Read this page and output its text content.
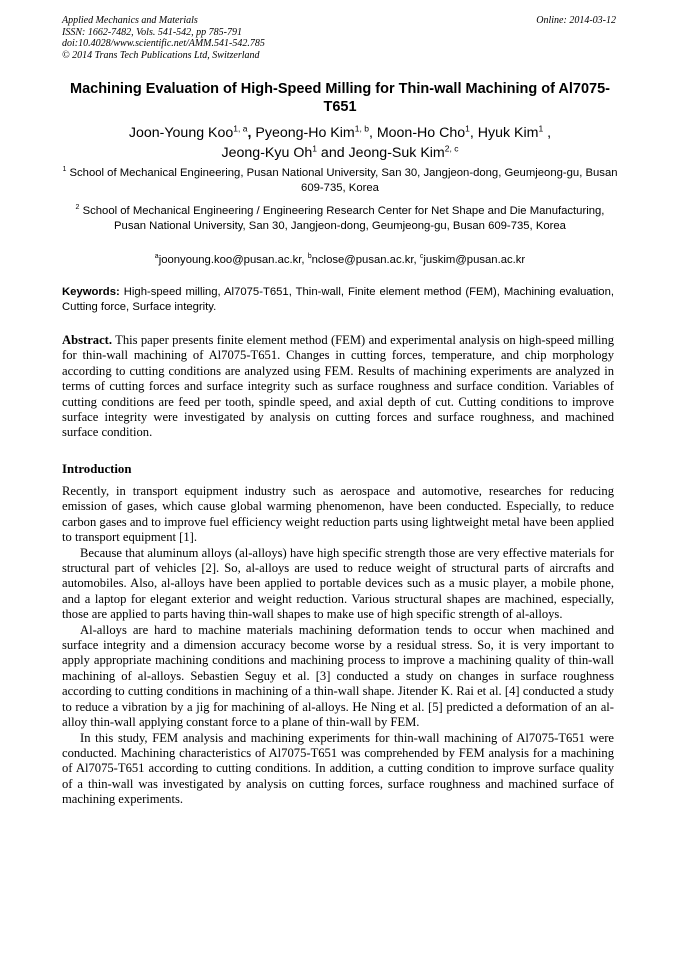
Applied Mechanics and Materials
ISSN: 1662-7482, Vols. 541-542, pp 785-791
doi:10.4028/www.scientific.net/AMM.541-542.785
© 2014 Trans Tech Publications Ltd, Switzerland
Online: 2014-03-12
Machining Evaluation of High-Speed Milling for Thin-wall Machining of Al7075-T651
Joon-Young Koo$^{1, a}$, Pyeong-Ho Kim$^{1, b}$, Moon-Ho Cho$^1$, Hyuk Kim$^1$ ,
Jeong-Kyu Oh$^1$ and Jeong-Suk Kim$^{2, c}$
$^1$ School of Mechanical Engineering, Pusan National University, San 30, Jangjeon-dong, Geumjeong-gu, Busan 609-735, Korea
$^2$ School of Mechanical Engineering / Engineering Research Center for Net Shape and Die Manufacturing, Pusan National University, San 30, Jangjeon-dong, Geumjeong-gu, Busan 609-735, Korea
$^a$joonyoung.koo@pusan.ac.kr, $^b$nclose@pusan.ac.kr, $^c$juskim@pusan.ac.kr
Keywords: High-speed milling, Al7075-T651, Thin-wall, Finite element method (FEM), Machining evaluation, Cutting force, Surface integrity.
Abstract. This paper presents finite element method (FEM) and experimental analysis on high-speed milling for thin-wall machining of Al7075-T651. Changes in cutting forces, temperature, and chip morphology according to cutting conditions are analyzed using FEM. Results of machining experiments are analyzed in terms of cutting forces and surface integrity such as surface roughness and surface condition. Variables of cutting conditions are feed per tooth, spindle speed, and axial depth of cut. Cutting conditions to improve surface integrity were investigated by analysis on cutting forces and surface roughness, and machined surface condition.
Introduction

Recently, in transport equipment industry such as aerospace and automotive, researches for reducing emission of gases, which cause global warming phenomenon, have been conducted. Especially, to reduce carbon gases and to improve fuel efficiency weight reduction parts using lightweight metal have been applied to transport equipment [1].

Because that aluminum alloys (al-alloys) have high specific strength those are very effective materials for structural part of vehicles [2]. So, al-alloys are used to reduce weight of structural parts of aircrafts and automobiles. Also, al-alloys have been applied to portable devices such as a music player, a mobile phone, and a laptop for elegant exterior and weight reduction. Various structural shapes are machined, especially, those are applied to parts having thin-wall shapes to make use of high specific strength of al-alloys.

Al-alloys are hard to machine materials machining deformation tends to occur when machined and surface integrity and a dimension accuracy become worse by a residual stress. So, it is very important to apply appropriate machining conditions and machining process to improve a machining quality of thin-wall machining of al-alloys. Sebastien Seguy et al. [3] conducted a study on changes in surface roughness according to cutting conditions in machining of a thin-wall shape. Jitender K. Rai et al. [4] conducted a study to reduce a vibration by a jig for machining of al-alloys. He Ning et al. [5] predicted a deformation of an al-alloy thin-wall applying constant force to a plane of thin-wall by FEM.

In this study, FEM analysis and machining experiments for thin-wall machining of Al7075-T651 were conducted. Machining characteristics of Al7075-T651 was comprehended by FEM analysis for a machining of Al7075-T651 according to cutting conditions. In addition, a cutting condition to improve surface quality of a thin-wall was investigated by analysis on cutting forces, surface roughness and machined surface of machining experiments.
